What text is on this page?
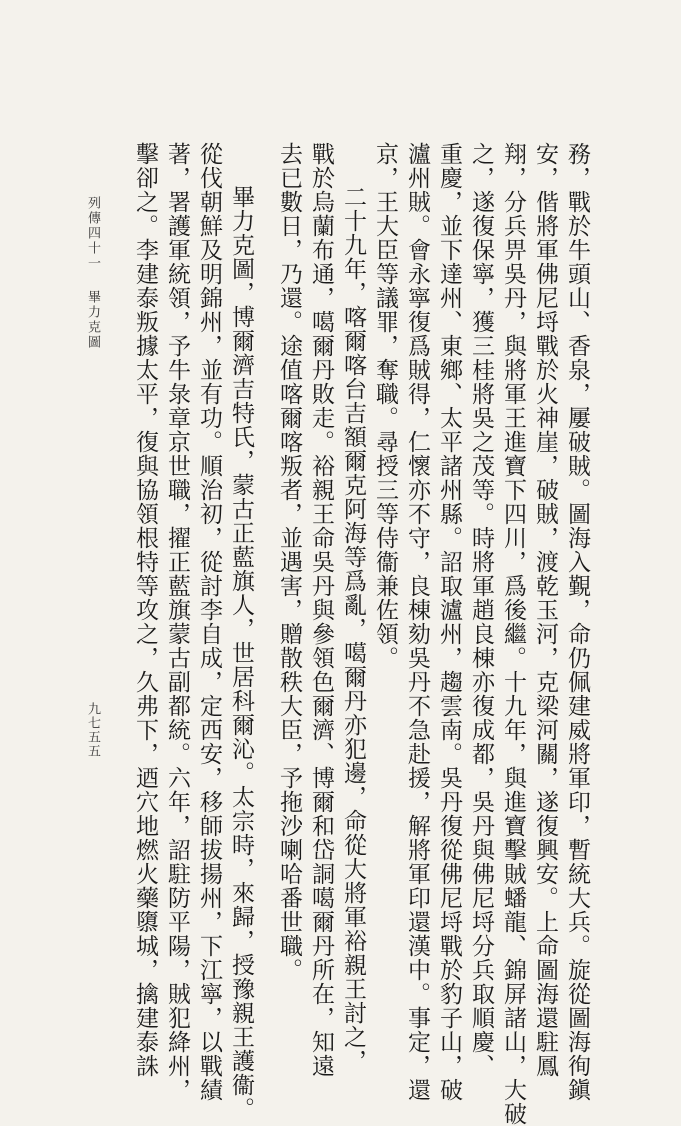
務，戰於牛頭山、香泉，屢破賊。圖海入覲，命仍佩建威將軍印，暫統大兵。旋從圖海徇鎭
安，偕將軍佛尼埒戰於火神崖，破賊，渡乾玉河，克梁河關，遂復興安。上命圖海還駐鳳
翔，分兵畀吳丹，與將軍王進寶下四川，爲後繼。十九年，與進寶擊賊蟠龍、錦屏諸山，大破
之，遂復保寧，獲三桂將吳之茂等。時將軍趙良棟亦復成都，吳丹與佛尼埒分兵取順慶、
重慶，並下達州、東鄉、太平諸州縣。詔取瀘州，趨雲南。吳丹復從佛尼埒戰於豹子山，破
瀘州賊。會永寧復爲賊得，仁懷亦不守，良棟劾吳丹不急赴援，解將軍印還漢中。事定，還
京，王大臣等議罪，奪職。尋授三等侍衞兼佐領。
二十九年，喀爾喀台吉額爾克阿海等爲亂，噶爾丹亦犯邊，命從大將軍裕親王討之，
戰於烏蘭布通，噶爾丹敗走。裕親王命吳丹與參領色爾濟、博爾和岱詷噶爾丹所在，知遠
去已數日，乃還。途值喀爾喀叛者，並遇害，贈散秩大臣，予拖沙喇哈番世職。
畢力克圖，博爾濟吉特氏，蒙古正藍旗人，世居科爾沁。太宗時，來歸，授豫親王護衞。
從伐朝鮮及明錦州，並有功。順治初，從討李自成，定西安，移師拔揚州，下江寧，以戰績
著，署護軍統領，予牛彔章京世職，擢正藍旗蒙古副都統。六年，詔駐防平陽，賊犯絳州，
擊卻之。李建泰叛據太平，復與協領根特等攻之，久弗下，迺穴地燃火藥隳城，擒建泰誅
列傳四十一
畢力克圖
九七五五
